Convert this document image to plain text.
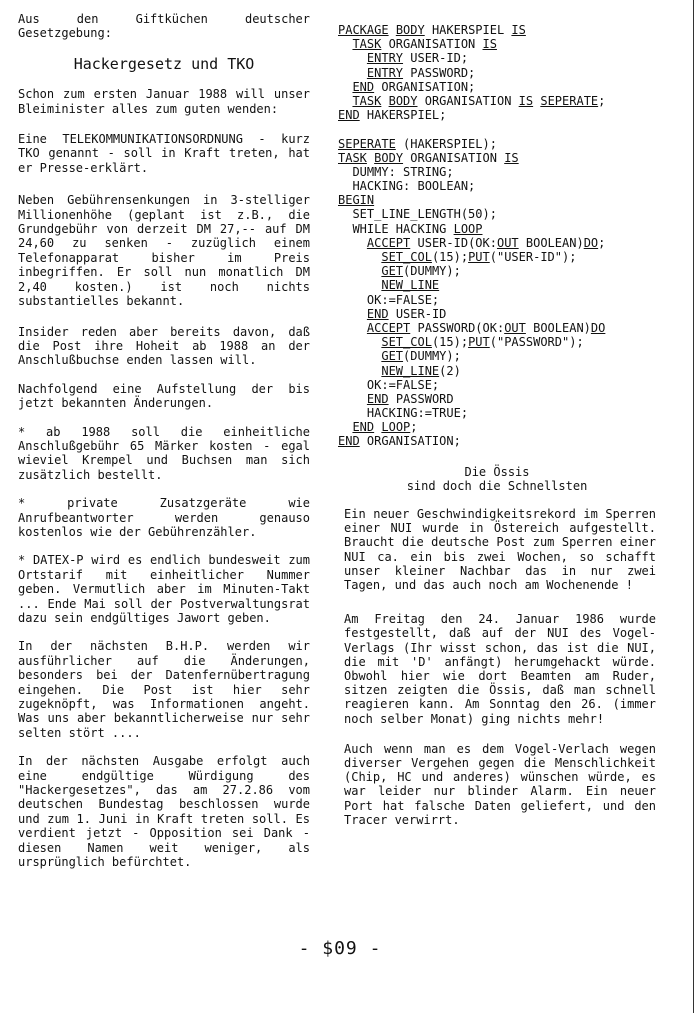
Aus den Giftküchen deutscher Gesetzgebung:
Hackergesetz und TKO
Schon zum ersten Januar 1988 will unser Bleiminister alles zum guten wenden:
Eine TELEKOMMUNIKATIONSORDNUNG - kurz TKO genannt - soll in Kraft treten, hat er Presse-erklärt.
Neben Gebührensenkungen in 3-stelliger Millionenhöhe (geplant ist z.B., die Grundgebühr von derzeit DM 27,-- auf DM 24,60 zu senken - zuzüglich einem Telefonapparat bisher im Preis inbegriffen. Er soll nun monatlich DM 2,40 kosten.) ist noch nichts substantielles bekannt.
Insider reden aber bereits davon, daß die Post ihre Hoheit ab 1988 an der Anschlußbuchse enden lassen will.
Nachfolgend eine Aufstellung der bis jetzt bekannten Änderungen.
* ab 1988 soll die einheitliche Anschlußgebühr 65 Märker kosten - egal wieviel Krempel und Buchsen man sich zusätzlich bestellt.
* private Zusatzgeräte wie Anrufbeantworter werden genauso kostenlos wie der Gebührenzähler.
* DATEX-P wird es endlich bundesweit zum Ortstarif mit einheitlicher Nummer geben. Vermutlich aber im Minuten-Takt ... Ende Mai soll der Postverwaltungsrat dazu sein endgültiges Jawort geben.
In der nächsten B.H.P. werden wir ausführlicher auf die Änderungen, besonders bei der Datenfernübertragung eingehen. Die Post ist hier sehr zugeknöpft, was Informationen angeht. Was uns aber bekanntlicherweise nur sehr selten stört ....
In der nächsten Ausgabe erfolgt auch eine endgültige Würdigung des "Hackergesetzes", das am 27.2.86 vom deutschen Bundestag beschlossen wurde und zum 1. Juni in Kraft treten soll. Es verdient jetzt - Opposition sei Dank - diesen Namen weit weniger, als ursprünglich befürchtet.
PACKAGE BODY HAKERSPIEL IS
TASK ORGANISATION IS
ENTRY USER-ID;
ENTRY PASSWORD;
END ORGANISATION;
TASK BODY ORGANISATION IS SEPERATE;
END HAKERSPIEL;
SEPERATE (HAKERSPIEL);
TASK BODY ORGANISATION IS
DUMMY: STRING;
HACKING: BOOLEAN;
BEGIN
SET_LINE_LENGTH(50);
WHILE HACKING LOOP
ACCEPT USER-ID(OK:OUT BOOLEAN)DO;
SET_COL(15);PUT("USER-ID");
GET(DUMMY);
NEW_LINE
OK:=FALSE;
END USER-ID
ACCEPT PASSWORD(OK:OUT BOOLEAN)DO
SET_COL(15);PUT("PASSWORD");
GET(DUMMY);
NEW_LINE(2)
OK:=FALSE;
END PASSWORD
HACKING:=TRUE;
END LOOP;
END ORGANISATION;
Die Össis
sind doch die Schnellsten
Ein neuer Geschwindigkeitsrekord im Sperren einer NUI wurde in Östereich aufgestellt. Braucht die deutsche Post zum Sperren einer NUI ca. ein bis zwei Wochen, so schafft unser kleiner Nachbar das in nur zwei Tagen, und das auch noch am Wochenende !
Am Freitag den 24. Januar 1986 wurde festgestellt, daß auf der NUI des Vogel-Verlags (Ihr wisst schon, das ist die NUI, die mit 'D' anfängt) herumgehackt würde. Obwohl hier wie dort Beamten am Ruder, sitzen zeigten die Össis, daß man schnell reagieren kann. Am Sonntag den 26. (immer noch selber Monat) ging nichts mehr!
Auch wenn man es dem Vogel-Verlach wegen diverser Vergehen gegen die Menschlichkeit (Chip, HC und anderes) wünschen würde, es war leider nur blinder Alarm. Ein neuer Port hat falsche Daten geliefert, und den Tracer verwirrt.
- $09 -
